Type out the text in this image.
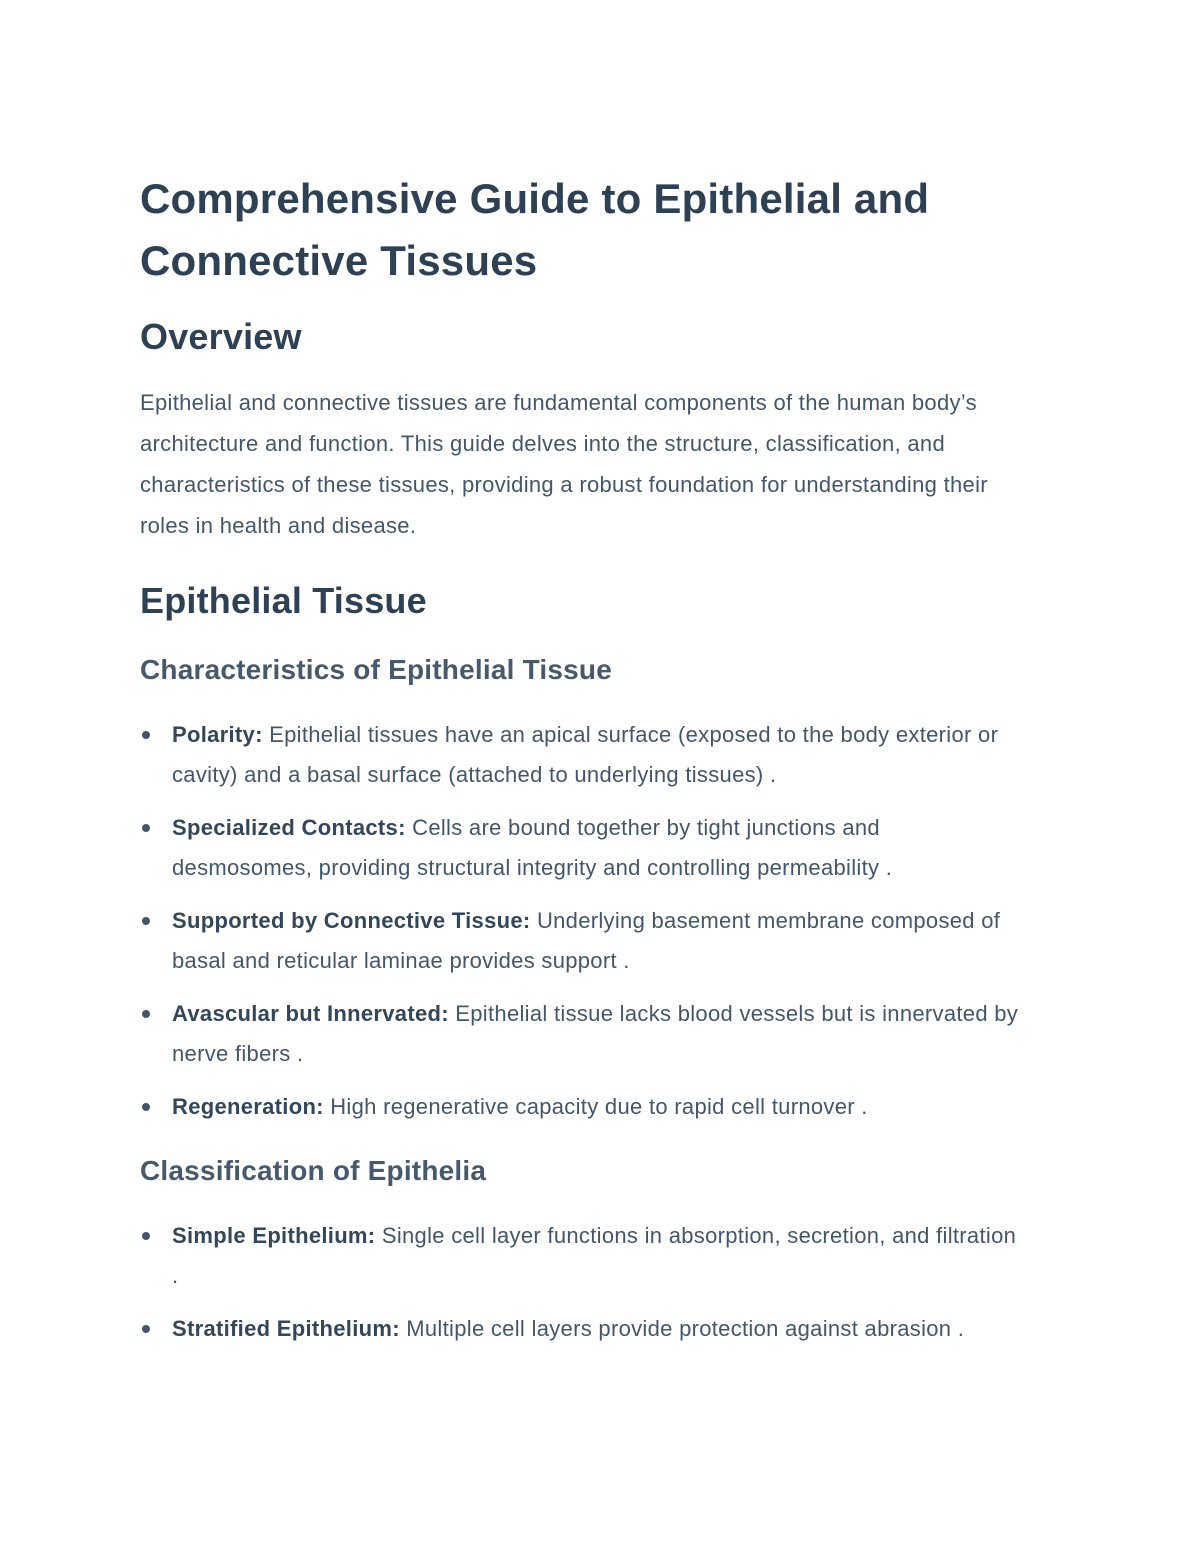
Comprehensive Guide to Epithelial and Connective Tissues
Overview

Epithelial and connective tissues are fundamental components of the human body’s architecture and function. This guide delves into the structure, classification, and characteristics of these tissues, providing a robust foundation for understanding their roles in health and disease.

Epithelial Tissue
Characteristics of Epithelial Tissue
Polarity: Epithelial tissues have an apical surface (exposed to the body exterior or cavity) and a basal surface (attached to underlying tissues) .
Specialized Contacts: Cells are bound together by tight junctions and desmosomes, providing structural integrity and controlling permeability .
Supported by Connective Tissue: Underlying basement membrane composed of basal and reticular laminae provides support .
Avascular but Innervated: Epithelial tissue lacks blood vessels but is innervated by nerve fibers .
Regeneration: High regenerative capacity due to rapid cell turnover .
Classification of Epithelia
Simple Epithelium: Single cell layer functions in absorption, secretion, and filtration .
Stratified Epithelium: Multiple cell layers provide protection against abrasion .
